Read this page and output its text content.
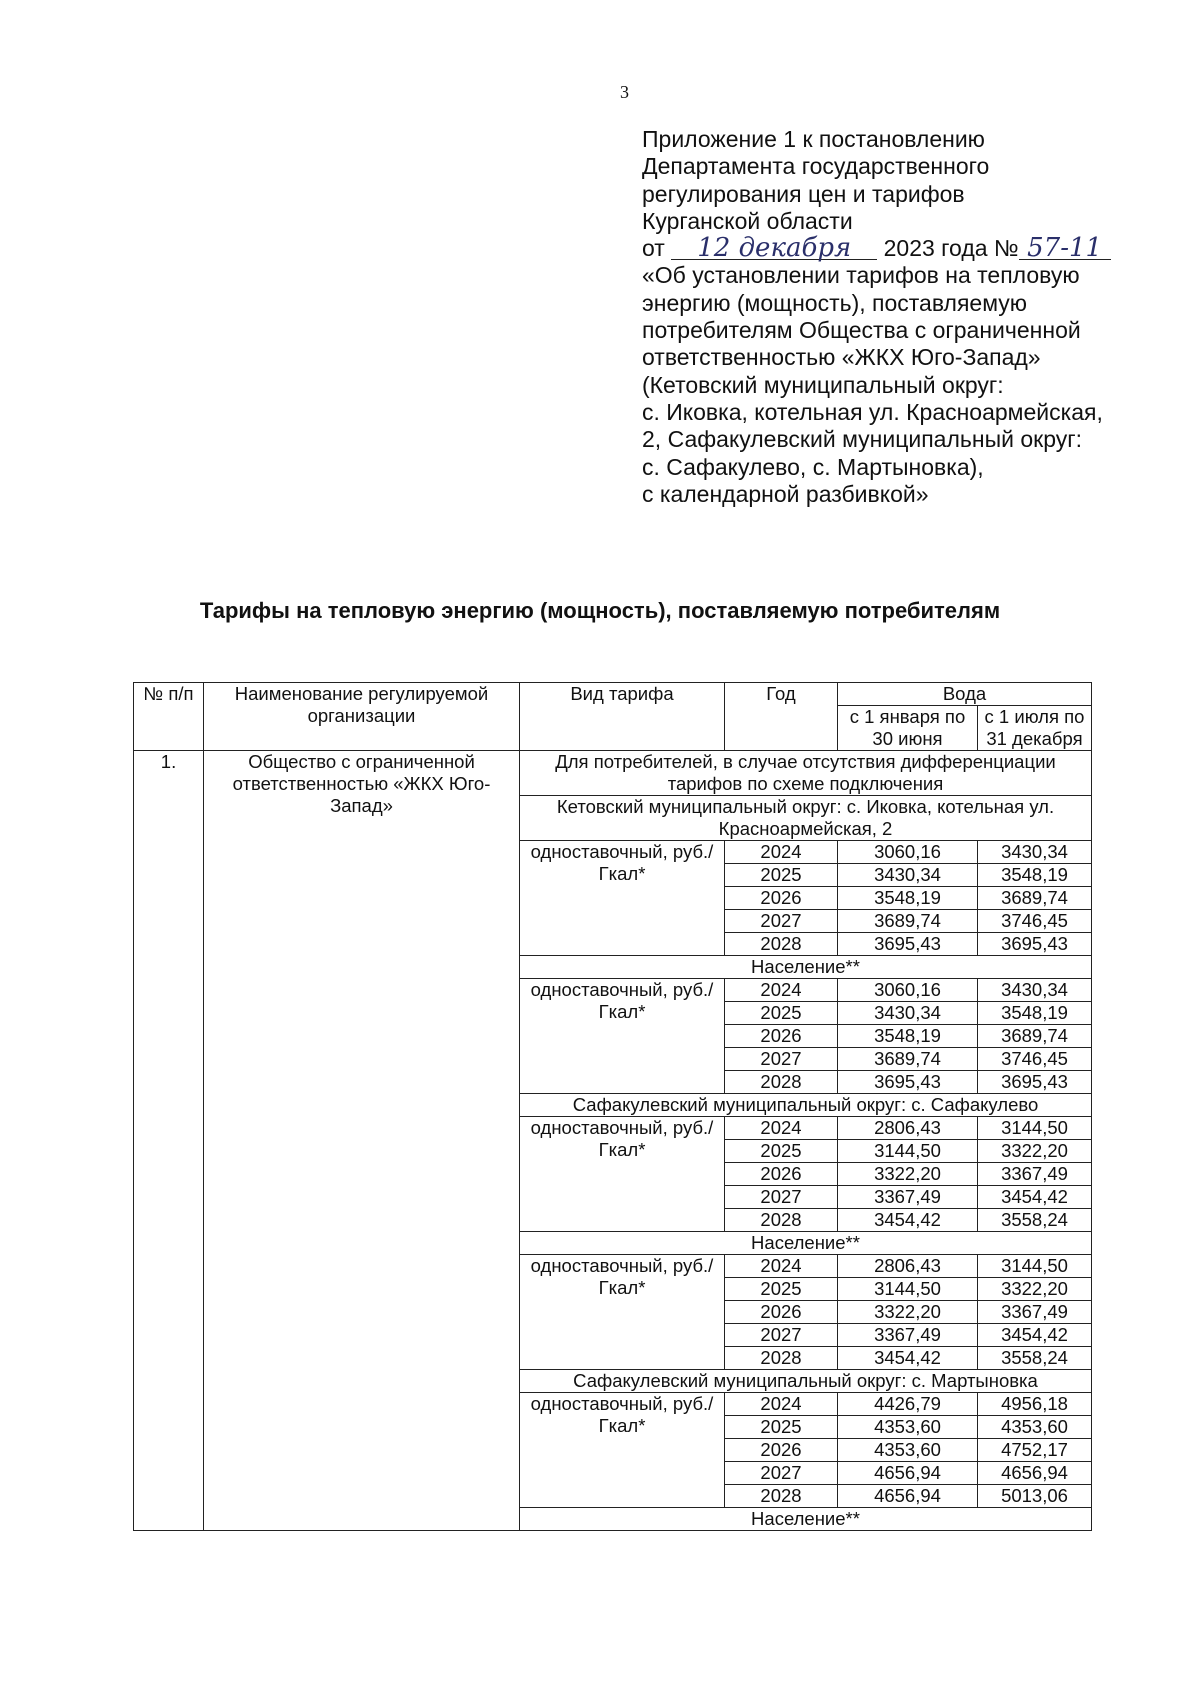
3
Приложение 1 к постановлению
Департамента государственного
регулирования цен и тарифов
Курганской области
от 12 декабря 2023 года № 57-11
«Об установлении тарифов на тепловую
энергию (мощность), поставляемую
потребителям Общества с ограниченной
ответственностью «ЖКХ Юго-Запад»
(Кетовский муниципальный округ:
с. Иковка, котельная ул. Красноармейская,
2, Сафакулевский муниципальный округ:
с. Сафакулево, с. Мартыновка),
с календарной разбивкой»
Тарифы на тепловую энергию (мощность), поставляемую потребителям
№ п/п	Наименование регулируемой организации	Вид тарифа	Год	Вода	
				с 1 января по 30 июня	с 1 июля по 31 декабря
1.	Общество с ограниченной ответственностью «ЖКХ Юго-Запад»	Для потребителей, в случае отсутствия дифференциации тарифов по схеме подключения			
		Кетовский муниципальный округ: с. Иковка, котельная ул. Красноармейская, 2			
		одноставочный, руб./Гкал*	2024	3060,16	3430,34
			2025	3430,34	3548,19
			2026	3548,19	3689,74
			2027	3689,74	3746,45
			2028	3695,43	3695,43
		Население**			
		одноставочный, руб./Гкал*	2024	3060,16	3430,34
			2025	3430,34	3548,19
			2026	3548,19	3689,74
			2027	3689,74	3746,45
			2028	3695,43	3695,43
		Сафакулевский муниципальный округ: с. Сафакулево			
		одноставочный, руб./Гкал*	2024	2806,43	3144,50
			2025	3144,50	3322,20
			2026	3322,20	3367,49
			2027	3367,49	3454,42
			2028	3454,42	3558,24
		Население**			
		одноставочный, руб./Гкал*	2024	2806,43	3144,50
			2025	3144,50	3322,20
			2026	3322,20	3367,49
			2027	3367,49	3454,42
			2028	3454,42	3558,24
		Сафакулевский муниципальный округ: с. Мартыновка			
		одноставочный, руб./Гкал*	2024	4426,79	4956,18
			2025	4353,60	4353,60
			2026	4353,60	4752,17
			2027	4656,94	4656,94
			2028	4656,94	5013,06
		Население**			
